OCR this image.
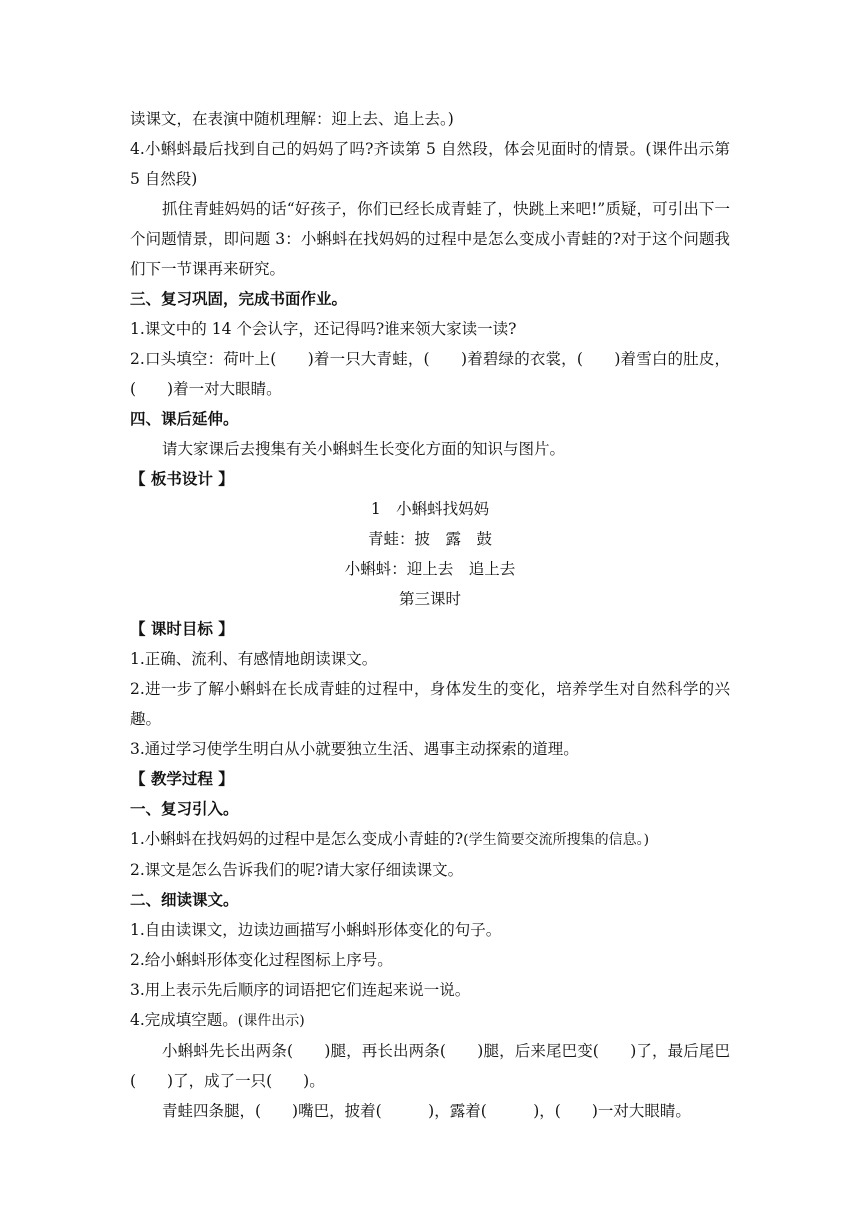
读课文，在表演中随机理解：迎上去、追上去。)

4.小蝌蚪最后找到自己的妈妈了吗?齐读第 5 自然段，体会见面时的情景。(课件出示第 5 自然段)

抓住青蛙妈妈的话“好孩子，你们已经长成青蛙了，快跳上来吧!”质疑，可引出下一个问题情景，即问题 3：小蝌蚪在找妈妈的过程中是怎么变成小青蛙的?对于这个问题我们下一节课再来研究。

三、复习巩固，完成书面作业。

1.课文中的 14 个会认字，还记得吗?谁来领大家读一读?

2.口头填空：荷叶上(　　)着一只大青蛙，(　　)着碧绿的衣裳，(　　)着雪白的肚皮，(　　)着一对大眼睛。

四、课后延伸。

请大家课后去搜集有关小蝌蚪生长变化方面的知识与图片。

【 板书设计 】

1　小蝌蚪找妈妈

青蛙：披　露　鼓

小蝌蚪：迎上去　追上去

第三课时

【 课时目标 】

1.正确、流利、有感情地朗读课文。

2.进一步了解小蝌蚪在长成青蛙的过程中，身体发生的变化，培养学生对自然科学的兴趣。

3.通过学习使学生明白从小就要独立生活、遇事主动探索的道理。

【 教学过程 】

一、复习引入。

1.小蝌蚪在找妈妈的过程中是怎么变成小青蛙的?(学生简要交流所搜集的信息。)

2.课文是怎么告诉我们的呢?请大家仔细读课文。

二、细读课文。

1.自由读课文，边读边画描写小蝌蚪形体变化的句子。

2.给小蝌蚪形体变化过程图标上序号。

3.用上表示先后顺序的词语把它们连起来说一说。

4.完成填空题。(课件出示)

小蝌蚪先长出两条(　　)腿，再长出两条(　　)腿，后来尾巴变(　　)了，最后尾巴(　　)了，成了一只(　　)。

青蛙四条腿，(　　)嘴巴，披着(　　　)，露着(　　　)，(　　)一对大眼睛。
